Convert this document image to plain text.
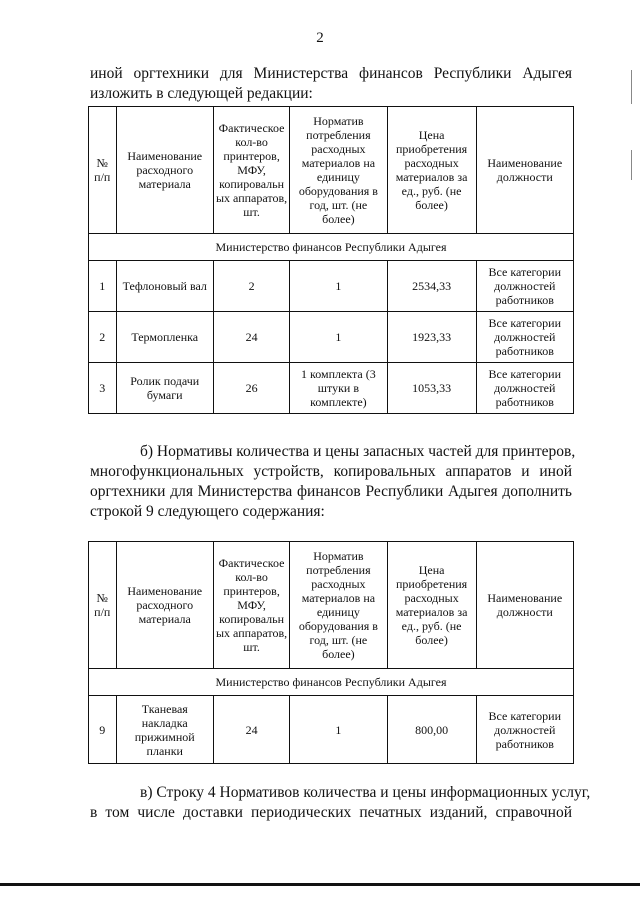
2
иной оргтехники для Министерства финансов Республики Адыгея
изложить в следующей редакции:
№ п/п	Наименование расходного материала	Фактическое кол-во принтеров, МФУ, копировальн ых аппаратов, шт.	Норматив потребления расходных материалов на единицу оборудования в год, шт. (не более)	Цена приобретения расходных материалов за ед., руб. (не более)	Наименование должности
Министерство финансов Республики Адыгея					
1	Тефлоновый вал	2	1	2534,33	Все категории должностей работников
2	Термопленка	24	1	1923,33	Все категории должностей работников
3	Ролик подачи бумаги	26	1 комплекта (3 штуки в комплекте)	1053,33	Все категории должностей работников
б) Нормативы количества и цены запасных частей для принтеров,
многофункциональных устройств, копировальных аппаратов и иной
оргтехники для Министерства финансов Республики Адыгея дополнить
строкой 9 следующего содержания:
№ п/п	Наименование расходного материала	Фактическое кол-во принтеров, МФУ, копировальн ых аппаратов, шт.	Норматив потребления расходных материалов на единицу оборудования в год, шт. (не более)	Цена приобретения расходных материалов за ед., руб. (не более)	Наименование должности
Министерство финансов Республики Адыгея					
9	Тканевая накладка прижимной планки	24	1	800,00	Все категории должностей работников
в) Строку 4 Нормативов количества и цены информационных услуг,
в том числе доставки периодических печатных изданий, справочной
